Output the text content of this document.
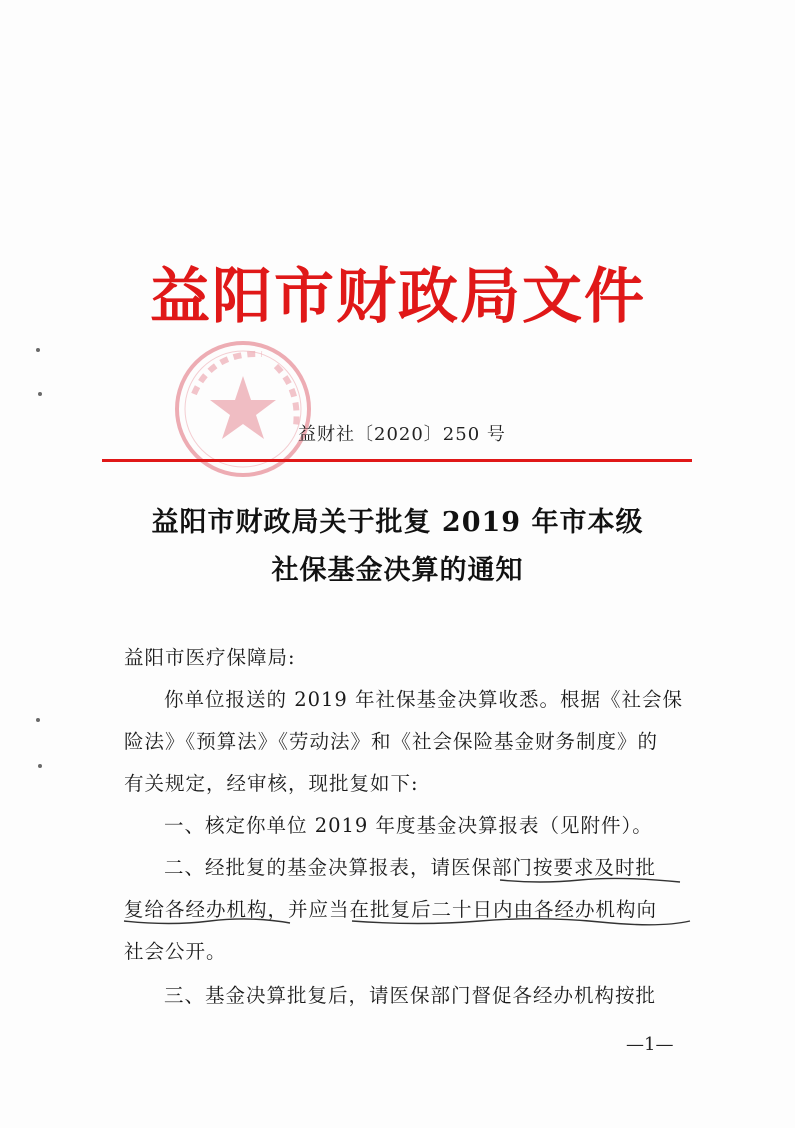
益阳市财政局文件
益财社〔2020〕250 号
益阳市财政局关于批复 2019 年市本级
社保基金决算的通知
益阳市医疗保障局:
你单位报送的 2019 年社保基金决算收悉。根据《社会保
险法》《预算法》《劳动法》和《社会保险基金财务制度》的
有关规定，经审核，现批复如下:
一、核定你单位 2019 年度基金决算报表（见附件）。
二、经批复的基金决算报表，请医保部门按要求及时批
复给各经办机构，并应当在批复后二十日内由各经办机构向
社会公开。
三、基金决算批复后，请医保部门督促各经办机构按批
—1—
